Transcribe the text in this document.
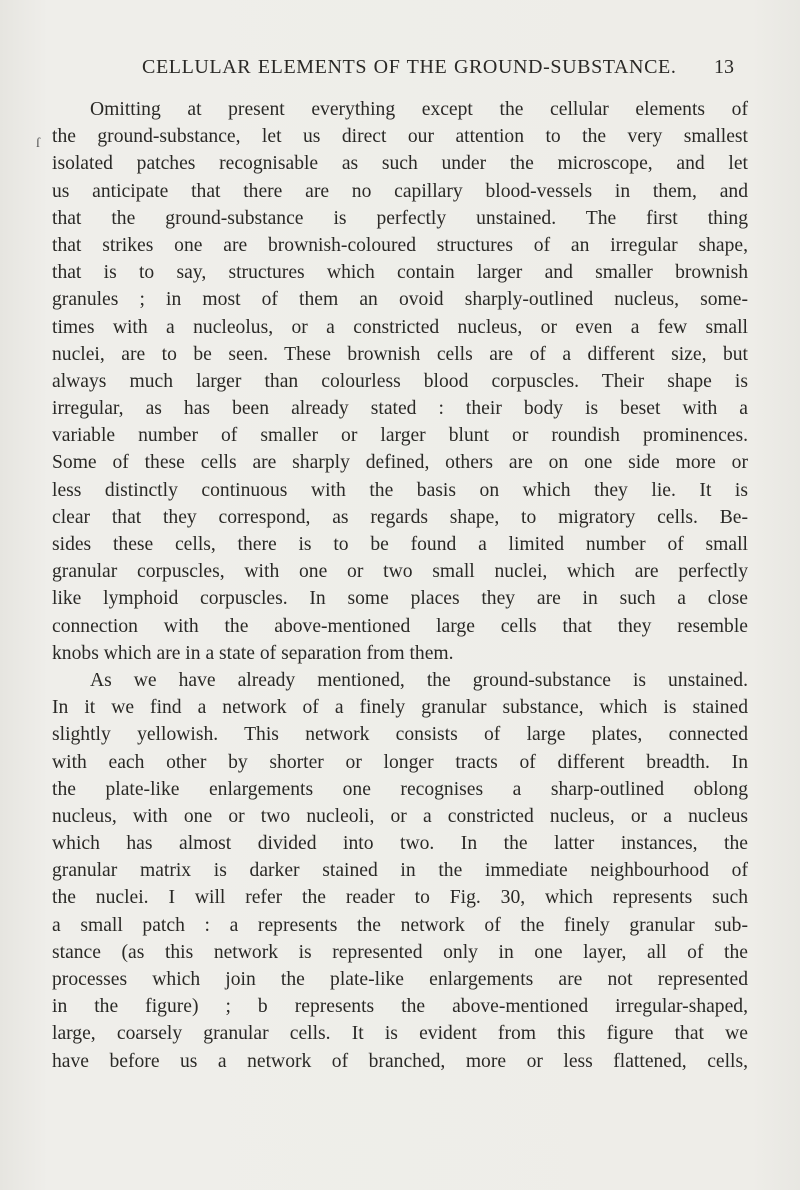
CELLULAR ELEMENTS OF THE GROUND-SUBSTANCE.	13
ſ
Omitting at present everything except the cellular elements of
the ground-substance, let us direct our attention to the very smallest
isolated patches recognisable as such under the microscope, and let
us anticipate that there are no capillary blood-vessels in them, and
that the ground-substance is perfectly unstained. The first thing
that strikes one are brownish-coloured structures of an irregular shape,
that is to say, structures which contain larger and smaller brownish
granules ; in most of them an ovoid sharply-outlined nucleus, some-
times with a nucleolus, or a constricted nucleus, or even a few small
nuclei, are to be seen. These brownish cells are of a different size, but
always much larger than colourless blood corpuscles. Their shape is
irregular, as has been already stated : their body is beset with a
variable number of smaller or larger blunt or roundish prominences.
Some of these cells are sharply defined, others are on one side more or
less distinctly continuous with the basis on which they lie. It is
clear that they correspond, as regards shape, to migratory cells. Be-
sides these cells, there is to be found a limited number of small
granular corpuscles, with one or two small nuclei, which are perfectly
like lymphoid corpuscles. In some places they are in such a close
connection with the above-mentioned large cells that they resemble
knobs which are in a state of separation from them.
As we have already mentioned, the ground-substance is unstained.
In it we find a network of a finely granular substance, which is stained
slightly yellowish. This network consists of large plates, connected
with each other by shorter or longer tracts of different breadth. In
the plate-like enlargements one recognises a sharp-outlined oblong
nucleus, with one or two nucleoli, or a constricted nucleus, or a nucleus
which has almost divided into two. In the latter instances, the
granular matrix is darker stained in the immediate neighbourhood of
the nuclei. I will refer the reader to Fig. 30, which represents such
a small patch : a represents the network of the finely granular sub-
stance (as this network is represented only in one layer, all of the
processes which join the plate-like enlargements are not represented
in the figure) ; b represents the above-mentioned irregular-shaped,
large, coarsely granular cells. It is evident from this figure that we
have before us a network of branched, more or less flattened, cells,
